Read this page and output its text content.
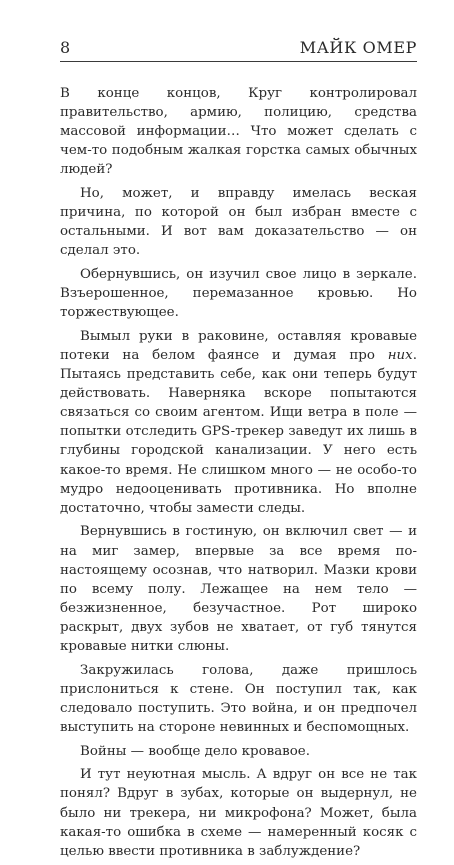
8	МАЙК ОМЕР

В конце концов, Круг контролировал правительство, армию, полицию, средства массовой информации… Что может сделать с чем-то подобным жалкая горстка самых обычных людей?

Но, может, и вправду имелась веская причина, по которой он был избран вместе с остальными. И вот вам доказательство — он сделал это.

Обернувшись, он изучил свое лицо в зеркале. Взъерошенное, перемазанное кровью. Но торжествующее.

Вымыл руки в раковине, оставляя кровавые потеки на белом фаянсе и думая про них. Пытаясь представить себе, как они теперь будут действовать. Наверняка вскоре попытаются связаться со своим агентом. Ищи ветра в поле — попытки отследить GPS-трекер заведут их лишь в глубины городской канализации. У него есть какое-то время. Не слишком много — не особо-то мудро недооценивать противника. Но вполне достаточно, чтобы замести следы.

Вернувшись в гостиную, он включил свет — и на миг замер, впервые за все время по-настоящему осознав, что натворил. Мазки крови по всему полу. Лежащее на нем тело — безжизненное, безучастное. Рот широко раскрыт, двух зубов не хватает, от губ тянутся кровавые нитки слюны.

Закружилась голова, даже пришлось прислониться к стене. Он поступил так, как следовало поступить. Это война, и он предпочел выступить на стороне невинных и беспомощных.

Войны — вообще дело кровавое.

И тут неуютная мысль. А вдруг он все не так понял? Вдруг в зубах, которые он выдернул, не было ни трекера, ни микрофона? Может, была какая-то ошибка в схеме — намеренный косяк с целью ввести противника в заблуждение?
